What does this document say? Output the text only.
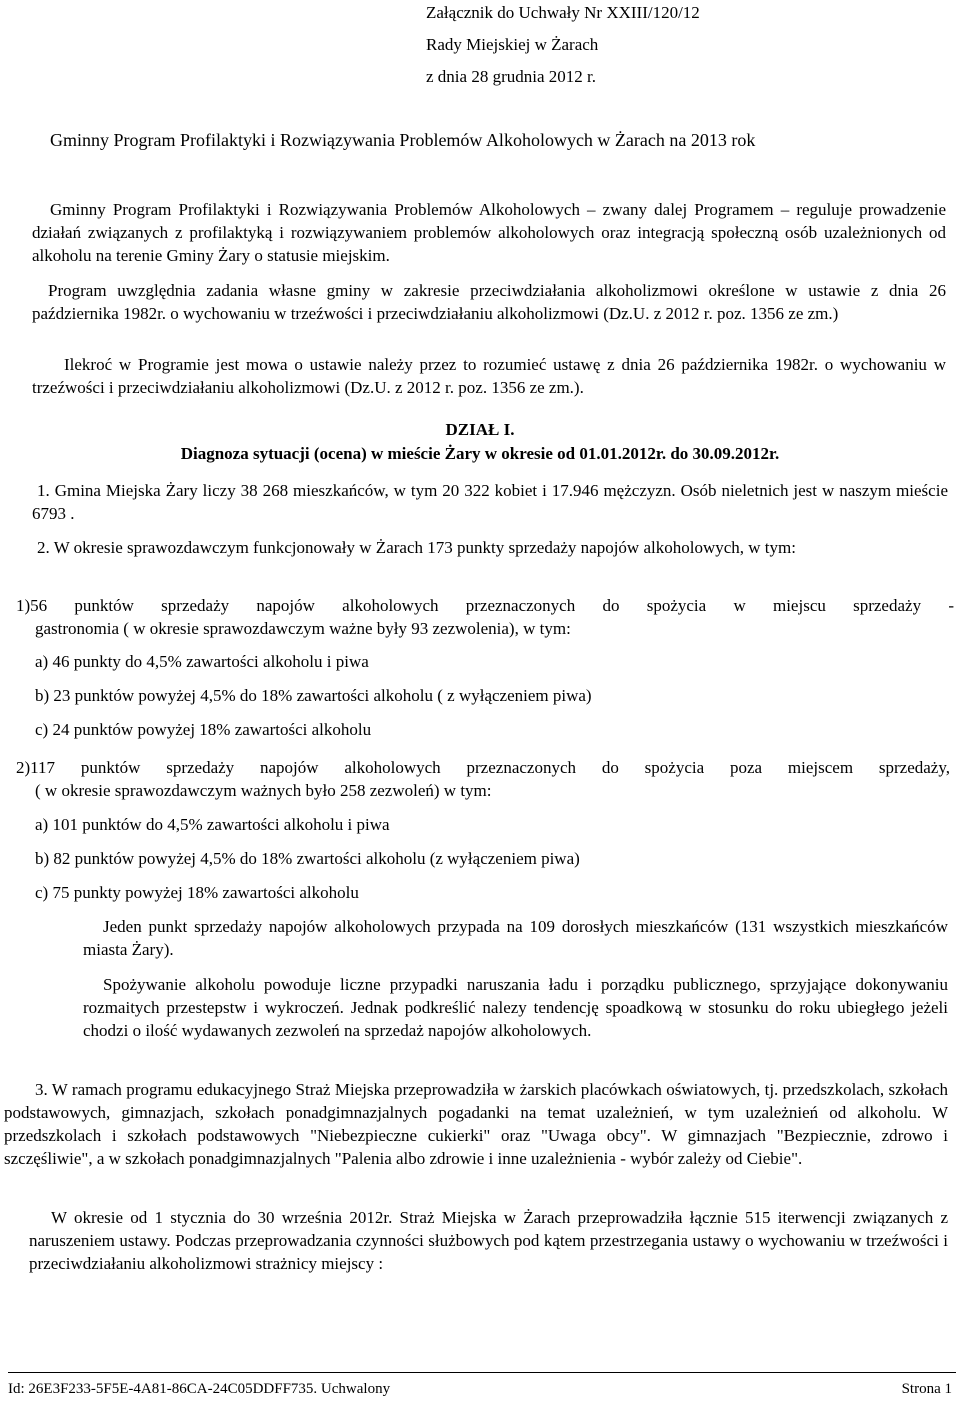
Załącznik do Uchwały Nr XXIII/120/12
Rady Miejskiej w Żarach
z dnia 28 grudnia 2012 r.
Gminny Program Profilaktyki i Rozwiązywania Problemów Alkoholowych w Żarach na 2013 rok
Gminny Program Profilaktyki i Rozwiązywania Problemów Alkoholowych – zwany dalej Programem – reguluje prowadzenie działań związanych z profilaktyką i rozwiązywaniem problemów alkoholowych oraz integracją społeczną osób uzależnionych od alkoholu na terenie Gminy Żary o statusie miejskim.
Program uwzględnia zadania własne gminy w zakresie przeciwdziałania alkoholizmowi określone w ustawie z dnia 26 października 1982r. o wychowaniu w trzeźwości i przeciwdziałaniu alkoholizmowi (Dz.U. z 2012 r. poz. 1356 ze zm.)
Ilekroć w Programie jest mowa o ustawie należy przez to rozumieć ustawę z dnia 26 października 1982r. o wychowaniu w trzeźwości i przeciwdziałaniu alkoholizmowi (Dz.U. z 2012 r. poz. 1356 ze zm.).
DZIAŁ I.
Diagnoza sytuacji (ocena) w mieście Żary w okresie od 01.01.2012r. do 30.09.2012r.
1. Gmina Miejska Żary liczy 38 268 mieszkańców, w tym 20 322 kobiet i 17.946 mężczyzn. Osób nieletnich jest w naszym mieście 6793 .
2. W okresie sprawozdawczym funkcjonowały w Żarach 173 punkty sprzedaży napojów alkoholowych, w tym:
1)56 punktów sprzedaży napojów alkoholowych przeznaczonych do spożycia w miejscu sprzedaży -
gastronomia ( w okresie sprawozdawczym ważne były 93 zezwolenia), w tym:
a) 46 punkty do 4,5% zawartości alkoholu i piwa
b) 23 punktów powyżej 4,5% do 18% zawartości alkoholu ( z wyłączeniem piwa)
c) 24 punktów powyżej 18% zawartości alkoholu
2)117 punktów sprzedaży napojów alkoholowych przeznaczonych do spożycia poza miejscem sprzedaży,
( w okresie sprawozdawczym ważnych było 258 zezwoleń) w tym:
a) 101 punktów do 4,5% zawartości alkoholu i piwa
b) 82 punktów powyżej 4,5% do 18% zwartości alkoholu (z wyłączeniem piwa)
c) 75 punkty powyżej 18% zawartości alkoholu
Jeden punkt sprzedaży napojów alkoholowych przypada na 109 dorosłych mieszkańców (131 wszystkich mieszkańców miasta Żary).
Spożywanie alkoholu powoduje liczne przypadki naruszania ładu i porządku publicznego, sprzyjające dokonywaniu rozmaitych przestepstw i wykroczeń. Jednak podkreślić nalezy tendencję spoadkową w stosunku do roku ubiegłego jeżeli chodzi o ilość wydawanych zezwoleń na sprzedaż napojów alkoholowych.
3. W ramach programu edukacyjnego Straż Miejska przeprowadziła w żarskich placówkach oświatowych, tj. przedszkolach, szkołach podstawowych, gimnazjach, szkołach ponadgimnazjalnych pogadanki na temat uzależnień, w tym uzależnień od alkoholu. W przedszkolach i szkołach podstawowych "Niebezpieczne cukierki" oraz "Uwaga obcy". W gimnazjach "Bezpiecznie, zdrowo i szczęśliwie", a w szkołach ponadgimnazjalnych "Palenia albo zdrowie i inne uzależnienia - wybór zależy od Ciebie".
W okresie od 1 stycznia do 30 września 2012r. Straż Miejska w Żarach przeprowadziła łącznie 515 iterwencji związanych z naruszeniem ustawy. Podczas przeprowadzania czynności służbowych pod kątem przestrzegania ustawy o wychowaniu w trzeźwości i przeciwdziałaniu alkoholizmowi strażnicy miejscy :
Id: 26E3F233-5F5E-4A81-86CA-24C05DDFF735. Uchwalony	Strona 1
